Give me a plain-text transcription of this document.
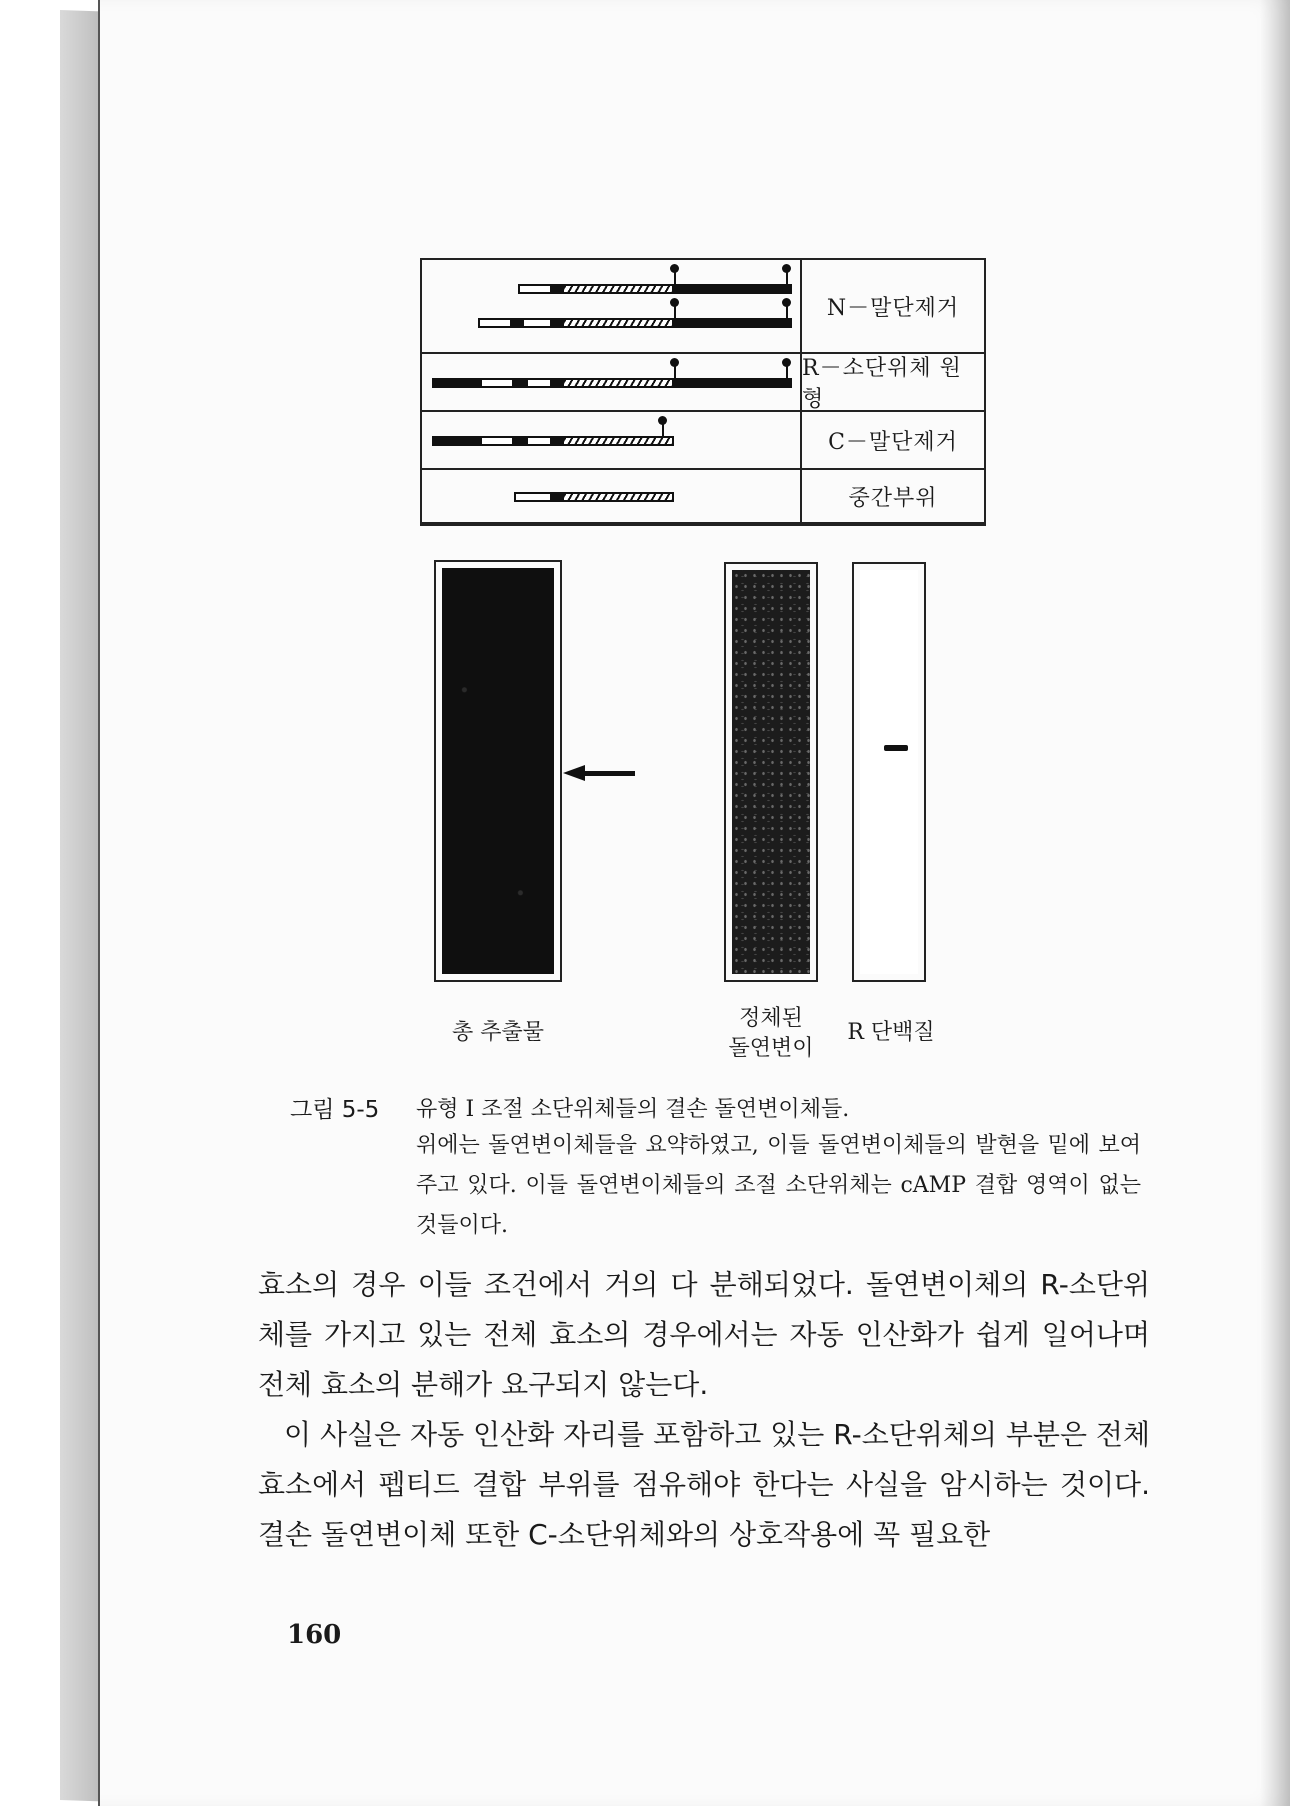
N－말단제거
R－소단위체 원형
C－말단제거
중간부위
총 추출물
정체된
돌연변이
R 단백질
그림 5-5 유형 I 조절 소단위체들의 결손 돌연변이체들.
위에는 돌연변이체들을 요약하였고, 이들 돌연변이체들의 발현을 밑에 보여주고 있다. 이들 돌연변이체들의 조절 소단위체는 cAMP 결합 영역이 없는 것들이다.

효소의 경우 이들 조건에서 거의 다 분해되었다. 돌연변이체의 R-소단위체를 가지고 있는 전체 효소의 경우에서는 자동 인산화가 쉽게 일어나며 전체 효소의 분해가 요구되지 않는다.

이 사실은 자동 인산화 자리를 포함하고 있는 R-소단위체의 부분은 전체 효소에서 펩티드 결합 부위를 점유해야 한다는 사실을 암시하는 것이다. 결손 돌연변이체 또한 C-소단위체와의 상호작용에 꼭 필요한

160
